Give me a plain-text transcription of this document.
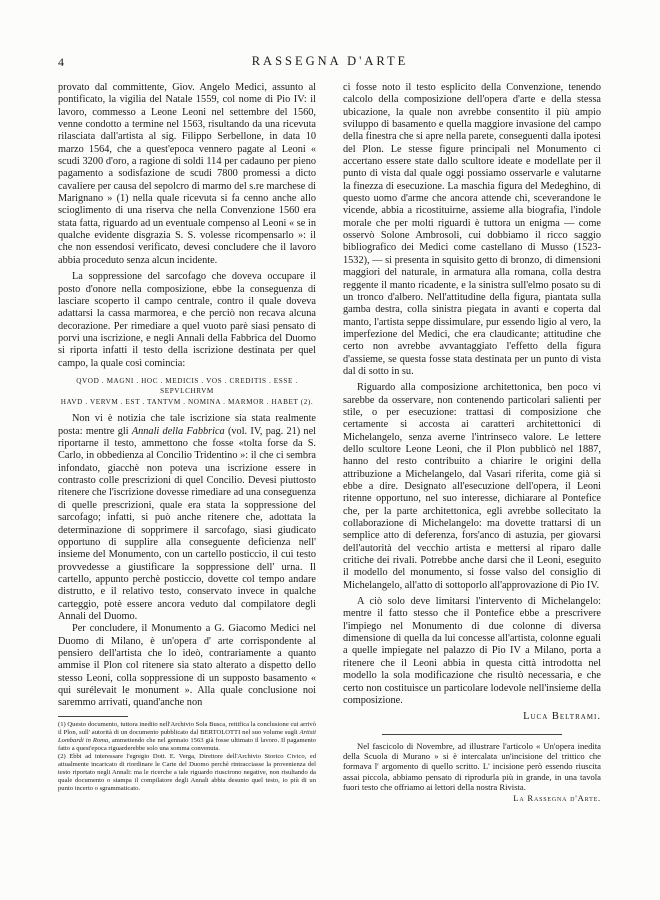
4	RASSEGNA D'ARTE

provato dal committente, Giov. Angelo Medici, assunto al pontificato, la vigilia del Natale 1559, col nome di Pio IV: il lavoro, commesso a Leone Leoni nel settembre del 1560, venne condotto a termine nel 1563, risultando da una ricevuta rilasciata dall'artista al sig. Filippo Serbellone, in data 10 marzo 1564, che a quest'epoca vennero pagate al Leoni « scudi 3200 d'oro, a ragione di soldi 114 per cadauno per pieno pagamento a sodisfazione de scudi 7800 promessi a dicto cavaliere per causa del sepolcro di marmo del s.re marchese di Marignano » (1) nella quale ricevuta si fa cenno anche allo scioglimento di una riserva che nella Convenzione 1560 era stata fatta, riguardo ad un eventuale compenso al Leoni « se in qualche evidente disgrazia S. S. volesse ricompensarlo »: il che non essendosi verificato, devesi concludere che il lavoro abbia proceduto senza alcun incidente.

La soppressione del sarcofago che doveva occupare il posto d'onore nella composizione, ebbe la conseguenza di lasciare scoperto il campo centrale, contro il quale doveva adattarsi la cassa marmorea, e che perciò non recava alcuna decorazione. Per rimediare a quel vuoto parè siasi pensato di porvi una iscrizione, e negli Annali della Fabbrica del Duomo si riporta infatti il testo della iscrizione destinata per quel campo, la quale così comincia:

QVOD . MAGNI . HOC . MEDICIS . VOS . CREDITIS . ESSE . SEPVLCHRVM
HAVD . VERVM . EST . TANTVM . NOMINA . MARMOR . HABET (2).

Non vi è notizia che tale iscrizione sia stata realmente posta: mentre gli Annali della Fabbrica (vol. IV, pag. 21) nel riportarne il testo, ammettono che fosse «tolta forse da S. Carlo, in obbedienza al Concilio Tridentino »: il che ci sembra infondato, giacchè non poteva una iscrizione essere in contrasto colle prescrizioni di quel Concilio. Devesi piuttosto ritenere che l'iscrizione dovesse rimediare ad una conseguenza di quelle prescrizioni, quale era stata la soppressione del sarcofago; infatti, si può anche ritenere che, adottata la determinazione di sopprimere il sarcofago, siasi giudicato opportuno di supplire alla conseguente deficienza nell' insieme del Monumento, con un cartello posticcio, il cui testo provvedesse a giustificare la soppressione dell' urna. Il cartello, appunto perchè posticcio, dovette col tempo andare distrutto, e il relativo testo, conservato invece in qualche carteggio, potè essere ancora veduto dal compilatore degli Annali del Duomo.

Per concludere, il Monumento a G. Giacomo Medici nel Duomo di Milano, è un'opera d' arte corrispondente al pensiero dell'artista che lo ideò, contrariamente a quanto ammise il Plon col ritenere sia stato alterato a dispetto dello stesso Leoni, colla soppressione di un supposto basamento « qui surélevait le monument ». Alla quale conclusione noi saremmo arrivati, quand'anche non

(1) Questo documento, tuttora inedito nell'Archivio Sola Busca, rettifica la conclusione cui arrivò il Plon, sull' autorità di un documento pubblicato dal BERTOLOTTI nel suo volume sugli Artisti Lombardi in Roma, ammettendo che nel gennaio 1563 già fosse ultimato il lavoro. Il pagamento fatto a quest'epoca riguarderebbe solo una somma convenuta.

(2) Ebbi ad interessare l'egregio Dott. E. Verga, Direttore dell'Archivio Storico Civico, ed attualmente incaricato di riordinare le Carte del Duomo perchè rintracciasse la provenienza del testo riportato negli Annali: ma le ricerche a tale riguardo riuscirono negative, non risultando da quale documento o stampa il compilatore degli Annali abbia desunto quel testo, io più di un punto incerto o sgrammaticato.

ci fosse noto il testo esplicito della Convenzione, tenendo calcolo della composizione dell'opera d'arte e della stessa ubicazione, la quale non avrebbe consentito il più ampio sviluppo di basamento e quella maggiore invasione del campo della finestra che si apre nella parete, conseguenti dalla ipotesi del Plon. Le stesse figure principali nel Monumento ci accertano essere state dallo scultore ideate e modellate per il punto di vista dal quale oggi possiamo osservarle e valutarne la finezza di esecuzione. La maschia figura del Medeghino, di questo uomo d'arme che ancora attende chi, sceverandone le vicende, abbia a ricostituirne, assieme alla biografia, l'indole morale che per molti riguardi è tuttora un enigma — come osservò Solone Ambrosoli, cui dobbiamo il ricco saggio bibliografico dei Medici come castellano di Musso (1523-1532), — si presenta in squisito getto di bronzo, di dimensioni maggiori del naturale, in armatura alla romana, colla destra reggente il manto ricadente, e la sinistra sull'elmo posato su di un tronco d'albero. Nell'attitudine della figura, piantata sulla gamba destra, colla sinistra piegata in avanti e coperta dal manto, l'artista seppe dissimulare, pur essendo ligio al vero, la imperfezione del Medici, che era claudicante; attitudine che certo non avrebbe avvantaggiato l'effetto della figura d'assieme, se questa fosse stata destinata per un punto di vista dal di sotto in su.

Riguardo alla composizione architettonica, ben poco vi sarebbe da osservare, non contenendo particolari salienti per stile, o per esecuzione: trattasi di composizione che certamente si accosta ai caratteri architettonici di Michelangelo, senza averne l'intrinseco valore. Le lettere dello scultore Leone Leoni, che il Plon pubblicò nel 1887, hanno del resto contribuito a chiarire le origini della attribuzione a Michelangelo, dal Vasari riferita, come già si ebbe a dire. Designato all'esecuzione dell'opera, il Leoni ritenne opportuno, nel suo interesse, dichiarare al Pontefice che, per la parte architettonica, egli avrebbe sollecitato la collaborazione di Michelangelo: ma dovette trattarsi di un semplice atto di deferenza, fors'anco di astuzia, per giovarsi dell'autorità del vecchio artista e mettersi al riparo dalle critiche dei rivali. Potrebbe anche darsi che il Leoni, eseguito il modello del monumento, si fosse valso del consiglio di Michelangelo, all'atto di sottoporlo all'approvazione di Pio IV.

A ciò solo deve limitarsi l'intervento di Michelangelo: mentre il fatto stesso che il Pontefice ebbe a prescrivere l'impiego nel Monumento di due colonne di diversa dimensione di quella da lui concesse all'artista, colonne eguali a quelle impiegate nel palazzo di Pio IV a Milano, porta a ritenere che il Leoni abbia in questa città introdotta nel modello la sola modificazione che risultò necessaria, e che certo non costituisce un particolare lodevole nell'insieme della composizione.

Luca Beltrami.

Nel fascicolo di Novembre, ad illustrare l'articolo « Un'opera inedita della Scuola di Murano » si è intercalata un'incisione del trittico che formava l' argomento di quello scritto. L' incisione però essendo riuscita assai piccola, abbiamo pensato di riprodurla più in grande, in una tavola fuori testo che offriamo ai lettori della nostra Rivista.

La Rassegna d'Arte.
